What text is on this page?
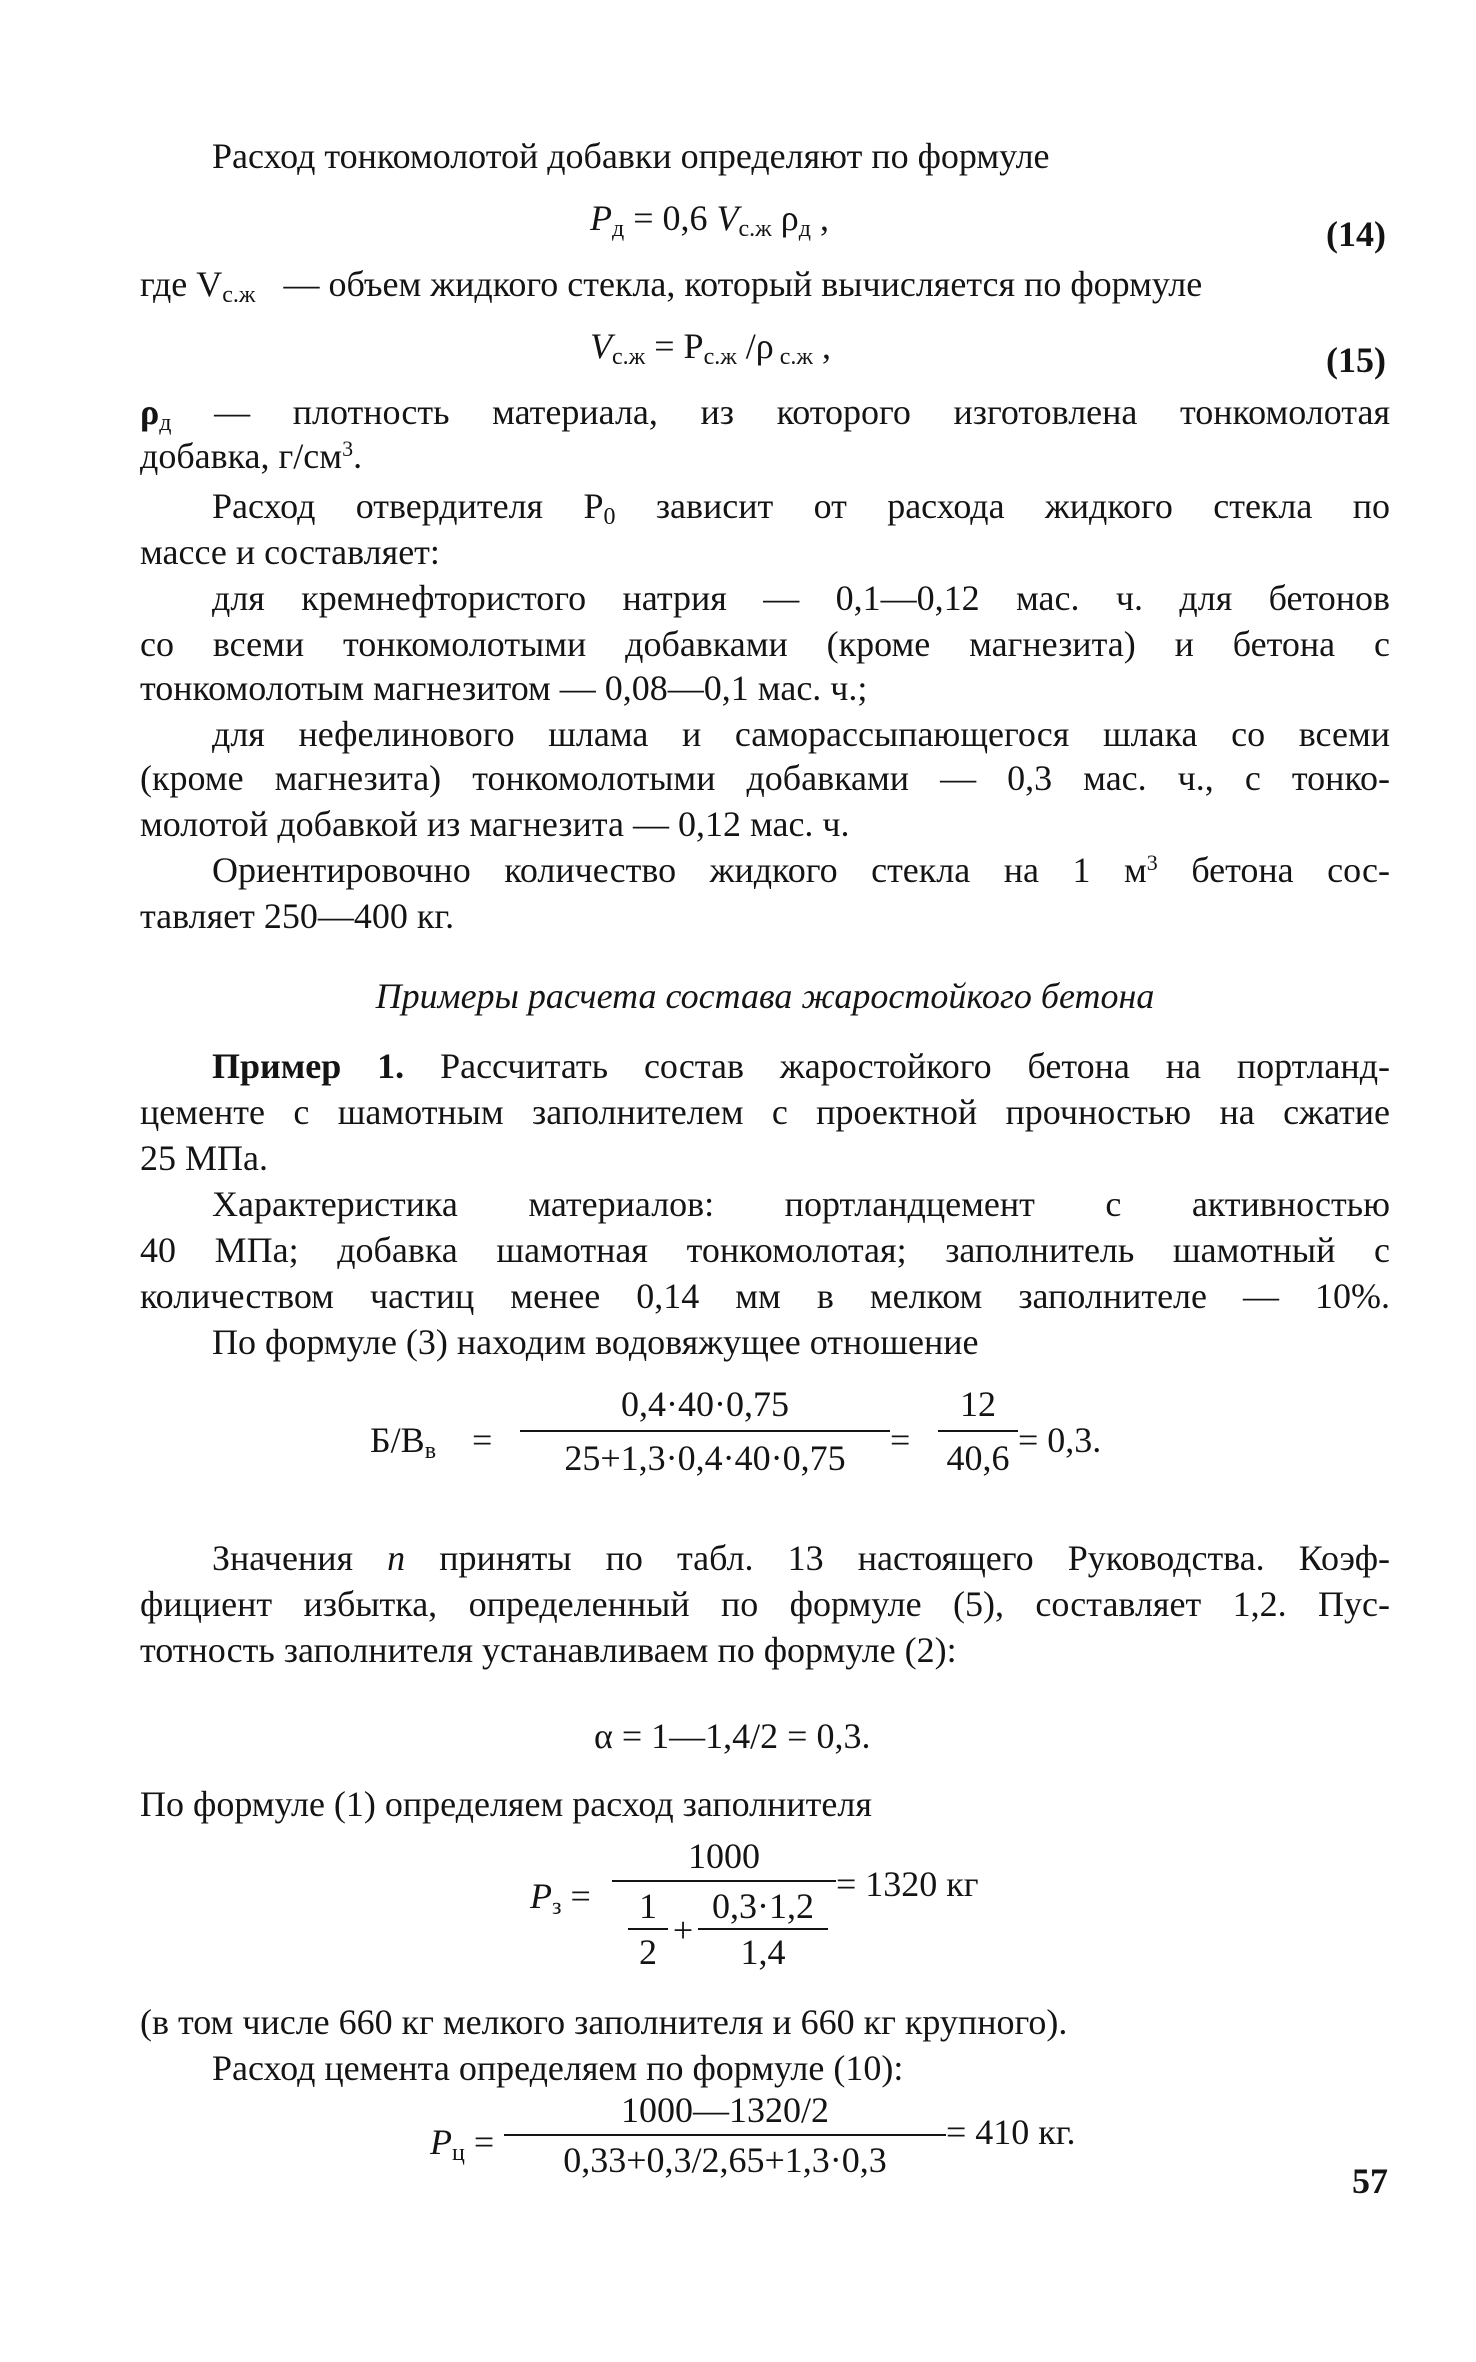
Расход тонкомолотой добавки определяют по формуле
$P_д = 0,6$ $V_{с.ж}$ $\rho_д$ ,	(14)
где $V_{с.ж}$ — объем жидкого стекла, который вычисляется по формуле
$V_{с.ж} = P_{с.ж}$ /ρ $_{с.ж}$ ,	(15)
$\rho_д$ — плотность материала, из которого изготовлена тонкомолотая
добавка, $г/см^3$.
Расход отвердителя $P_0$ зависит от расхода жидкого стекла по
массе и составляет:
для кремнефтористого натрия — 0,1—0,12 мас. ч. для бетонов
со всеми тонкомолотыми добавками (кроме магнезита) и бетона с
тонкомолотым магнезитом — 0,08—0,1 мас. ч.;
для нефелинового шлама и саморассыпающегося шлака со всеми
(кроме магнезита) тонкомолотыми добавками — 0,3 мас. ч., с тонко-
молотой добавкой из магнезита — 0,12 мас. ч.
Ориентировочно количество жидкого стекла на 1 $м^3$ бетона сос-
тавляет 250—400 кг.
Примеры расчета состава жаростойкого бетона
Пример 1. Рассчитать состав жаростойкого бетона на портланд-
цементе с шамотным заполнителем с проектной прочностью на сжатие
25 МПа.
Характеристика материалов: портландцемент с активностью
40 МПа; добавка шамотная тонкомолотая; заполнитель шамотный с
количеством частиц менее 0,14 мм в мелком заполнителе — 10%.
По формуле (3) находим водовяжущее отношение
$Б/В_в$ =
0,4·40·0,75
25+1,3·0,4·40·0,75	=
12
40,6 = 0,3.
Значения n приняты по табл. 13 настоящего Руководства. Коэф-
фициент избытка, определенный по формуле (5), составляет 1,2. Пус-
тотность заполнителя устанавливаем по формуле (2):
α = 1—1,4/2 = 0,3.
По формуле (1) определяем расход заполнителя
$P_з$ =
1000
1
2
+
0,3·1,2
1,4
= 1320 кг
(в том числе 660 кг мелкого заполнителя и 660 кг крупного).
Расход цемента определяем по формуле (10):
$P_ц$ =
1000—1320/2
0,33+0,3/2,65+1,3·0,3
= 410 кг.
57
